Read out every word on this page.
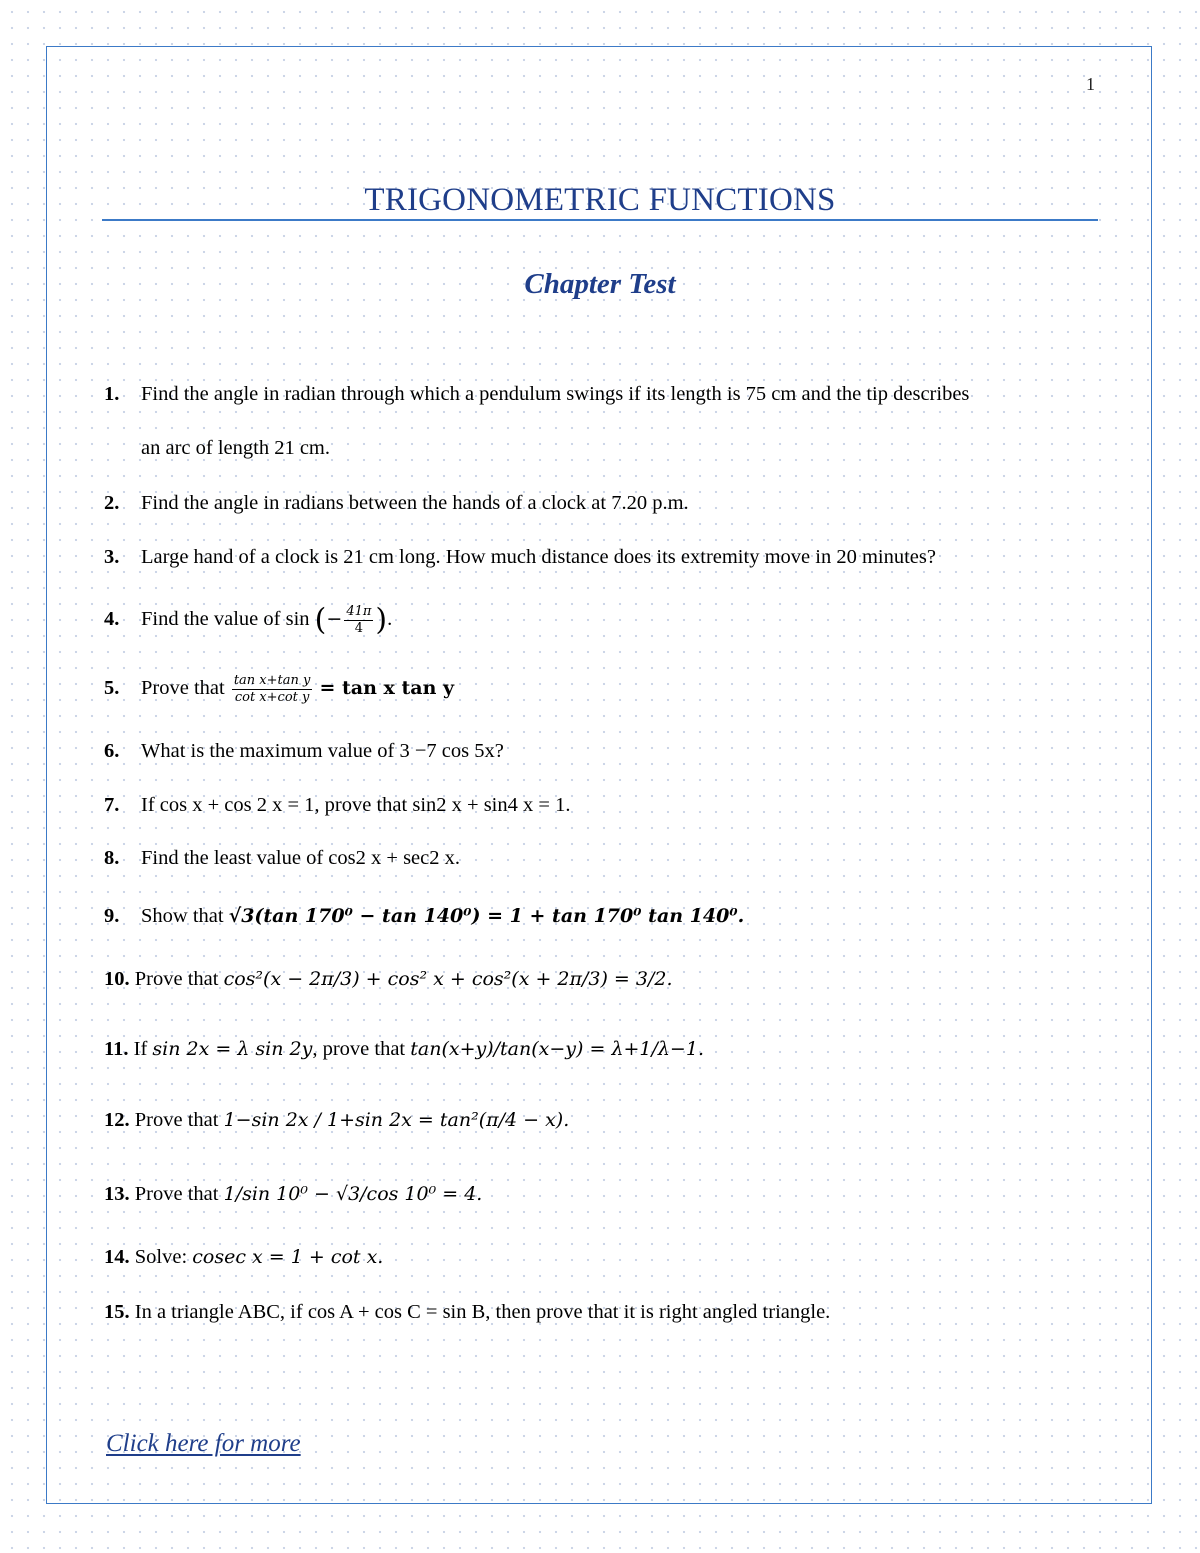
1
TRIGONOMETRIC FUNCTIONS
Chapter Test
1. Find the angle in radian through which a pendulum swings if its length is 75 cm and the tip describes
an arc of length 21 cm.
2. Find the angle in radians between the hands of a clock at 7.20 p.m.
3. Large hand of a clock is 21 cm long. How much distance does its extremity move in 20 minutes?
4. Find the value of sin (− $\frac{41\pi}{4}$ ).
5. Prove that $\frac{\text{tan x+tan y}}{\text{cot x+cot y}} = \tan x$ tan y
6. What is the maximum value of 3 −7 cos 5x?
7. If cos x + cos 2 x = 1, prove that sin2 x + sin4 x = 1.
8. Find the least value of cos2 x + sec2 x.
9. Show that √3(tan 170⁰ − tan 140⁰) = 1 + tan 170⁰ tan 140⁰.
10. Prove that cos²(x − 2π/3) + cos² x + cos²(x + 2π/3) = 3/2.
11. If sin 2x = λ sin 2y, prove that tan(x+y)/tan(x−y) = λ+1/λ−1.
12. Prove that 1−sin 2x / 1+sin 2x = tan²(π/4 − x).
13. Prove that 1/sin 10⁰ − √3/cos 10⁰ = 4.
14. Solve: cosec x = 1 + cot x.
15. In a triangle ABC, if cos A + cos C = sin B, then prove that it is right angled triangle.
Click here for more
